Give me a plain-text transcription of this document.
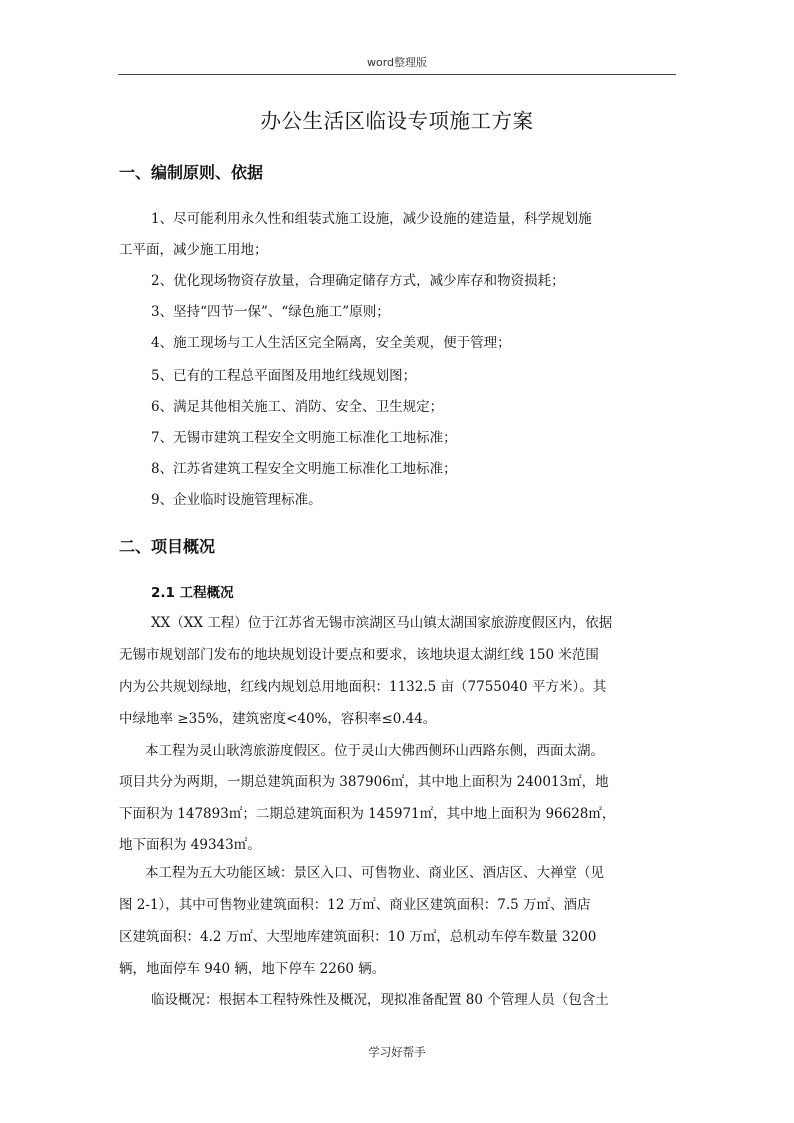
word整理版
办公生活区临设专项施工方案
一、编制原则、依据
1、尽可能利用永久性和组装式施工设施，减少设施的建造量，科学规划施
工平面，减少施工用地；
2、优化现场物资存放量，合理确定储存方式，减少库存和物资损耗；
3、坚持“四节一保”、“绿色施工”原则；
4、施工现场与工人生活区完全隔离，安全美观，便于管理；
5、已有的工程总平面图及用地红线规划图；
6、满足其他相关施工、消防、安全、卫生规定；
7、无锡市建筑工程安全文明施工标准化工地标准；
8、江苏省建筑工程安全文明施工标准化工地标准；
9、企业临时设施管理标准。
二、项目概况
2.1 工程概况
XX（XX 工程）位于江苏省无锡市滨湖区马山镇太湖国家旅游度假区内，依据
无锡市规划部门发布的地块规划设计要点和要求，该地块退太湖红线 150 米范围
内为公共规划绿地，红线内规划总用地面积：1132.5 亩（7755040 平方米）。其
中绿地率 ≥35%，建筑密度<40%，容积率≤0.44。
本工程为灵山耿湾旅游度假区。位于灵山大佛西侧环山西路东侧，西面太湖。
项目共分为两期，一期总建筑面积为 387906㎡，其中地上面积为 240013㎡，地
下面积为 147893㎡；二期总建筑面积为 145971㎡，其中地上面积为 96628㎡，
地下面积为 49343㎡。
本工程为五大功能区域：景区入口、可售物业、商业区、酒店区、大禅堂（见
图 2-1），其中可售物业建筑面积：12 万㎡、商业区建筑面积：7.5 万㎡、酒店
区建筑面积：4.2 万㎡、大型地库建筑面积：10 万㎡，总机动车停车数量 3200
辆，地面停车 940 辆，地下停车 2260 辆。
临设概况：根据本工程特殊性及概况，现拟准备配置 80 个管理人员（包含土
学习好帮手
